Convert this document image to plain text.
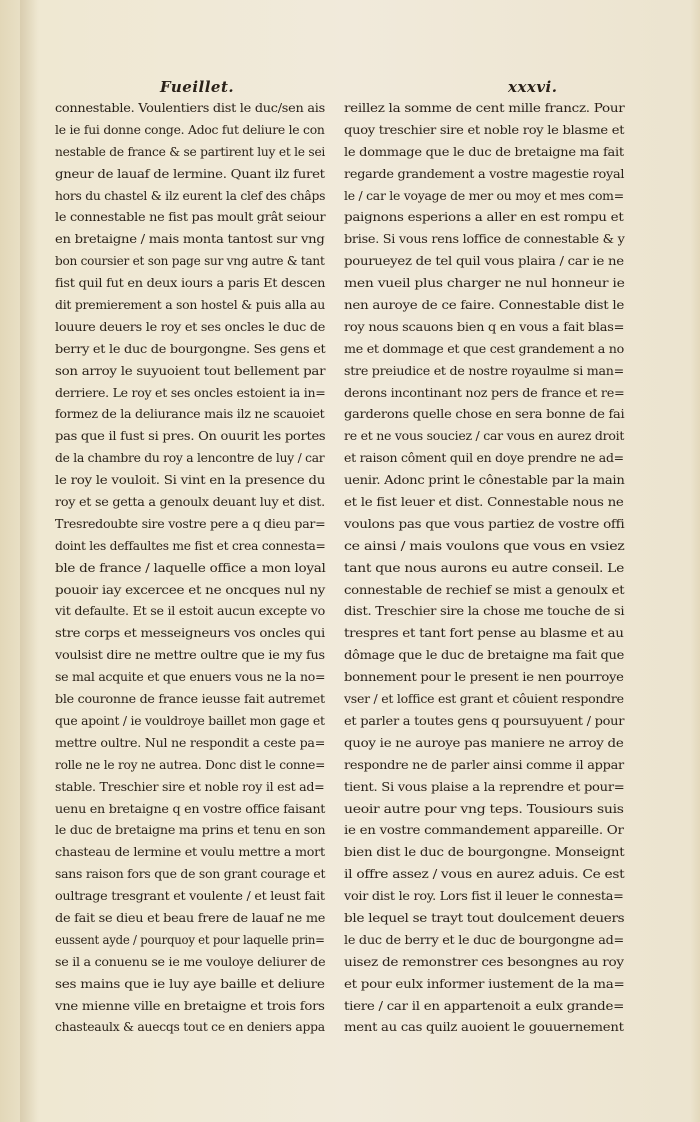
Fueillet.	xxxvi.
connestable. Voulentiers dist le duc/sen ais
le ie fui donne conge. Adoc fut deliure le con
nestable de france & se partirent luy et le sei
gneur de lauaf de lermine. Quant ilz furet
hors du chastel & ilz eurent la clef des châps
le connestable ne fist pas moult grât seiour
en bretaigne / mais monta tantost sur vng
bon coursier et son page sur vng autre & tant
fist quil fut en deux iours a paris Et descen
dit premierement a son hostel & puis alla au
louure deuers le roy et ses oncles le duc de
berry et le duc de bourgongne. Ses gens et
son arroy le suyuoient tout bellement par
derriere. Le roy et ses oncles estoient ia in=
formez de la deliurance mais ilz ne scauoiet
pas que il fust si pres. On ouurit les portes
de la chambre du roy a lencontre de luy / car
le roy le vouloit. Si vint en la presence du
roy et se getta a genoulx deuant luy et dist.
Tresredoubte sire vostre pere a q dieu par=
doint les deffaultes me fist et crea connesta=
ble de france / laquelle office a mon loyal
pouoir iay excercee et ne oncques nul ny
vit defaulte. Et se il estoit aucun excepte vo
stre corps et messeigneurs vos oncles qui
voulsist dire ne mettre oultre que ie my fus
se mal acquite et que enuers vous ne la no=
ble couronne de france ieusse fait autremet
que apoint / ie vouldroye baillet mon gage et
mettre oultre. Nul ne respondit a ceste pa=
rolle ne le roy ne autrea. Donc dist le conne=
stable. Treschier sire et noble roy il est ad=
uenu en bretaigne q en vostre office faisant
le duc de bretaigne ma prins et tenu en son
chasteau de lermine et voulu mettre a mort
sans raison fors que de son grant courage et
oultrage tresgrant et voulente / et leust fait
de fait se dieu et beau frere de lauaf ne me
eussent ayde / pourquoy et pour laquelle prin=
se il a conuenu se ie me vouloye deliurer de
ses mains que ie luy aye baille et deliure
vne mienne ville en bretaigne et trois fors
chasteaulx & auecqs tout ce en deniers appa
reillez la somme de cent mille francz. Pour
quoy treschier sire et noble roy le blasme et
le dommage que le duc de bretaigne ma fait
regarde grandement a vostre magestie royal
le / car le voyage de mer ou moy et mes com=
paignons esperions a aller en est rompu et
brise. Si vous rens loffice de connestable & y
pourueyez de tel quil vous plaira / car ie ne
men vueil plus charger ne nul honneur ie
nen auroye de ce faire. Connestable dist le
roy nous scauons bien q en vous a fait blas=
me et dommage et que cest grandement a no
stre preiudice et de nostre royaulme si man=
derons incontinant noz pers de france et re=
garderons quelle chose en sera bonne de fai
re et ne vous souciez / car vous en aurez droit
et raison côment quil en doye prendre ne ad=
uenir. Adonc print le cônestable par la main
et le fist leuer et dist. Connestable nous ne
voulons pas que vous partiez de vostre offi
ce ainsi / mais voulons que vous en vsiez
tant que nous aurons eu autre conseil. Le
connestable de rechief se mist a genoulx et
dist. Treschier sire la chose me touche de si
trespres et tant fort pense au blasme et au
dômage que le duc de bretaigne ma fait que
bonnement pour le present ie nen pourroye
vser / et loffice est grant et côuient respondre
et parler a toutes gens q poursuyuent / pour
quoy ie ne auroye pas maniere ne arroy de
respondre ne de parler ainsi comme il appar
tient. Si vous plaise a la reprendre et pour=
ueoir autre pour vng teps. Tousiours suis
ie en vostre commandement appareille. Or
bien dist le duc de bourgongne. Monseignt
il offre assez / vous en aurez aduis. Ce est
voir dist le roy. Lors fist il leuer le connesta=
ble lequel se trayt tout doulcement deuers
le duc de berry et le duc de bourgongne ad=
uisez de remonstrer ces besongnes au roy
et pour eulx informer iustement de la ma=
tiere / car il en appartenoit a eulx grande=
ment au cas quilz auoient le gouuernement
